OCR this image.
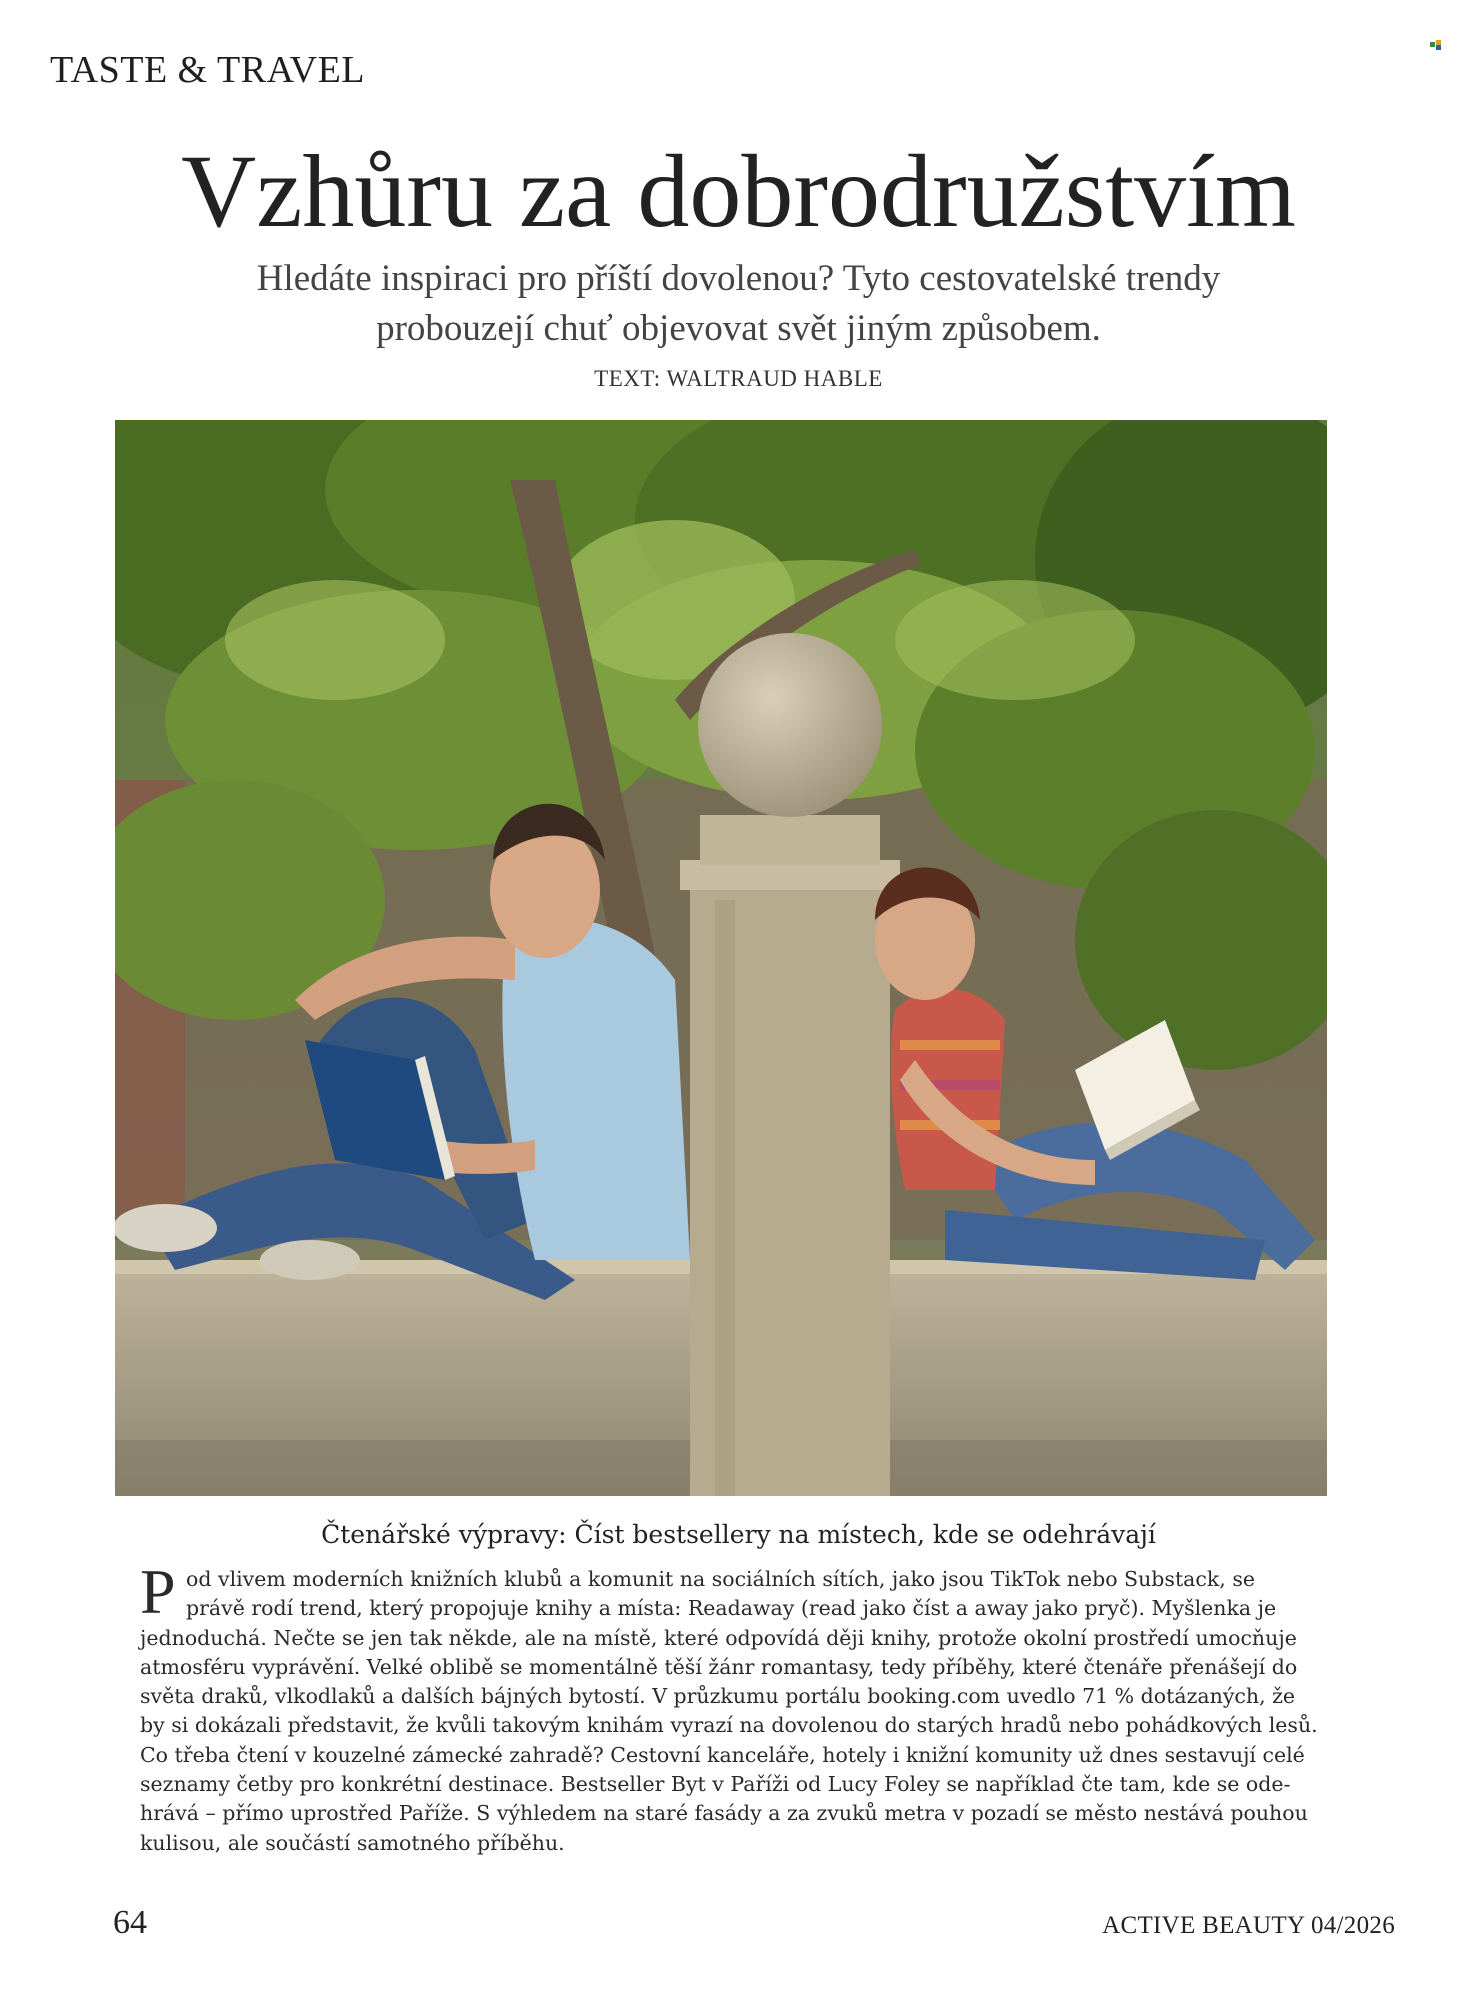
TASTE & TRAVEL
Vzhůru za dobrodružstvím
Hledáte inspiraci pro příští dovolenou? Tyto cestovatelské trendy
probouzejí chuť objevovat svět jiným způsobem.
TEXT: WALTRAUD HABLE
Čtenářské výpravy: Číst bestsellery na místech, kde se odehrávají
P od vlivem moderních knižních klubů a komunit na sociálních sítích, jako jsou TikTok nebo Substack, se
právě rodí trend, který propojuje knihy a místa: Readaway (read jako číst a away jako pryč). Myšlenka je
jednoduchá. Nečte se jen tak někde, ale na místě, které odpovídá ději knihy, protože okolní prostředí umocňuje
atmosféru vyprávění. Velké oblibě se momentálně těší žánr romantasy, tedy příběhy, které čtenáře přenášejí do
světa draků, vlkodlaků a dalších bájných bytostí. V průzkumu portálu booking.com uvedlo 71 % dotázaných, že
by si dokázali představit, že kvůli takovým knihám vyrazí na dovolenou do starých hradů nebo pohádkových lesů.
Co třeba čtení v kouzelné zámecké zahradě? Cestovní kanceláře, hotely i knižní komunity už dnes sestavují celé
seznamy četby pro konkrétní destinace. Bestseller Byt v Paříži od Lucy Foley se například čte tam, kde se ode-
hrává – přímo uprostřed Paříže. S výhledem na staré fasády a za zvuků metra v pozadí se město nestává pouhou
kulisou, ale součástí samotného příběhu.
64	ACTIVE BEAUTY 04/2026
